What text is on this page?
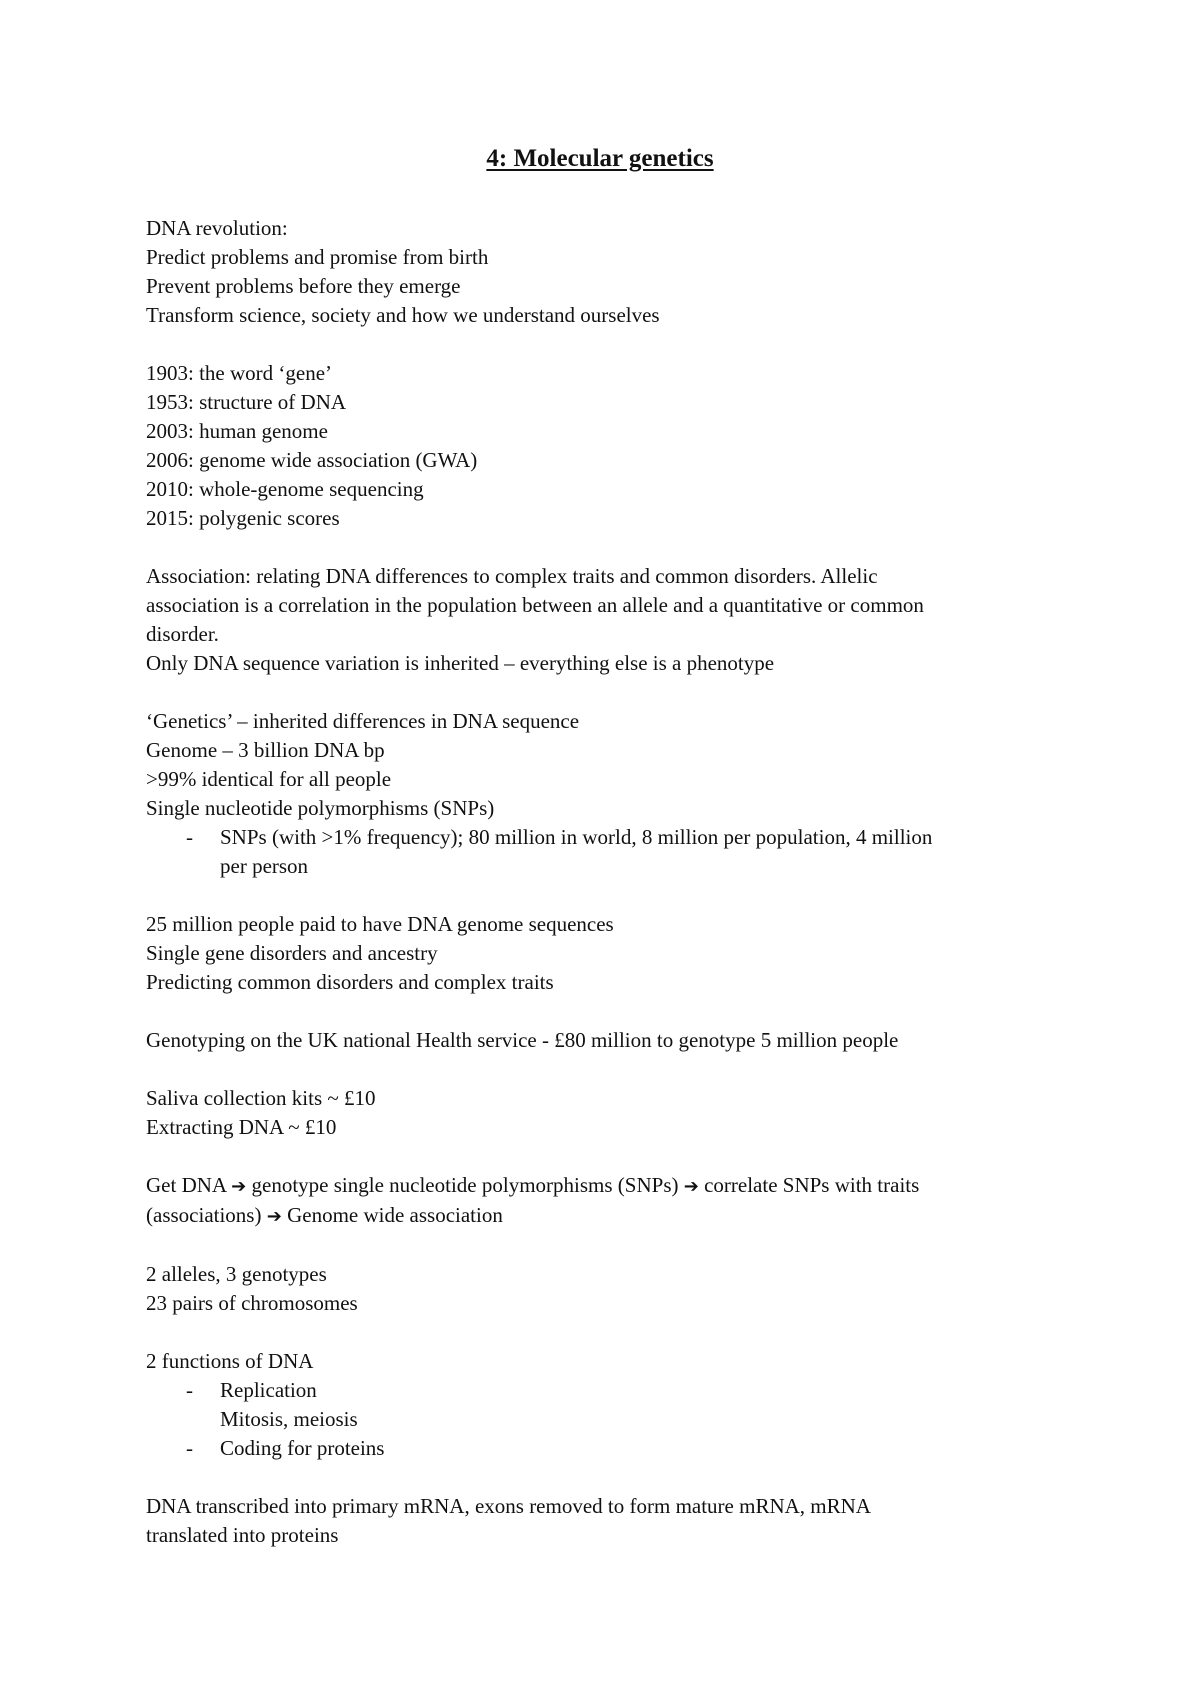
4: Molecular genetics
DNA revolution:
Predict problems and promise from birth
Prevent problems before they emerge
Transform science, society and how we understand ourselves
1903: the word ‘gene’
1953: structure of DNA
2003: human genome
2006: genome wide association (GWA)
2010: whole-genome sequencing
2015: polygenic scores
Association: relating DNA differences to complex traits and common disorders. Allelic
association is a correlation in the population between an allele and a quantitative or common
disorder.
Only DNA sequence variation is inherited – everything else is a phenotype
‘Genetics’ – inherited differences in DNA sequence
Genome – 3 billion DNA bp
>99% identical for all people
Single nucleotide polymorphisms (SNPs)
- SNPs (with >1% frequency); 80 million in world, 8 million per population, 4 million
per person
25 million people paid to have DNA genome sequences
Single gene disorders and ancestry
Predicting common disorders and complex traits
Genotyping on the UK national Health service - £80 million to genotype 5 million people
Saliva collection kits ~ £10
Extracting DNA ~ £10
Get DNA ➔ genotype single nucleotide polymorphisms (SNPs) ➔ correlate SNPs with traits
(associations) ➔ Genome wide association
2 alleles, 3 genotypes
23 pairs of chromosomes
2 functions of DNA
- Replication
Mitosis, meiosis
- Coding for proteins
DNA transcribed into primary mRNA, exons removed to form mature mRNA, mRNA
translated into proteins
